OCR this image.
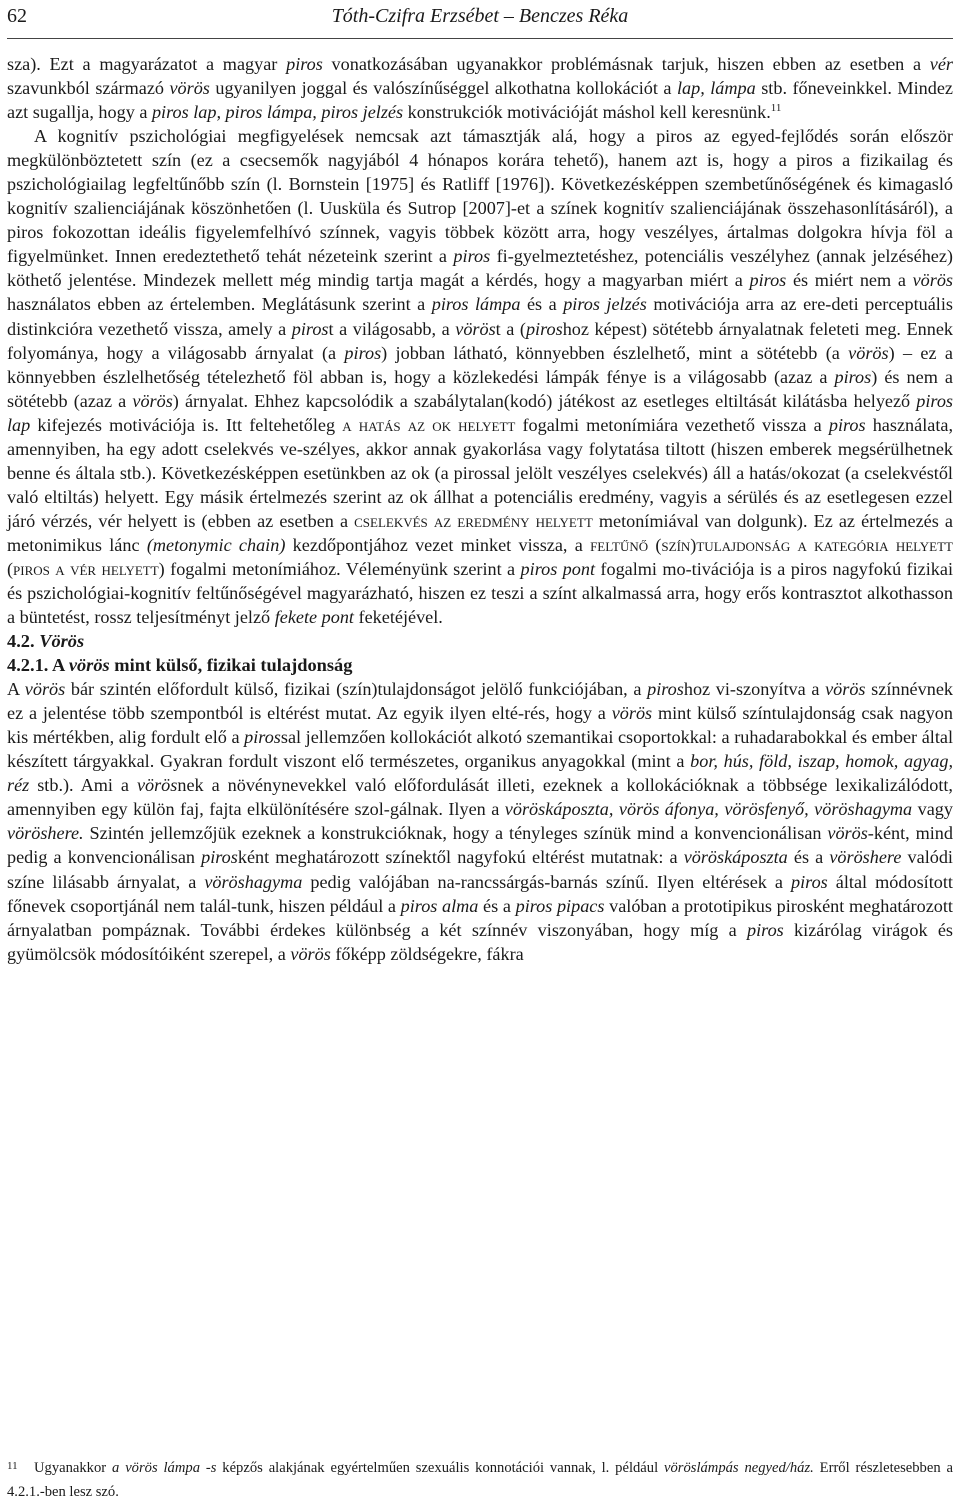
62	Tóth-Czifra Erzsébet – Benczes Réka

sza). Ezt a magyarázatot a magyar piros vonatkozásában ugyanakkor problémásnak tarjuk, hiszen ebben az esetben a vér szavunkból származó vörös ugyanilyen joggal és valószínűséggel alkothatna kollokációt a lap, lámpa stb. főneveinkkel. Mindez azt sugallja, hogy a piros lap, piros lámpa, piros jelzés konstrukciók motivációját máshol kell keresnünk.$^{11}$

A kognitív pszichológiai megfigyelések nemcsak azt támasztják alá, hogy a piros az egyed-fejlődés során először megkülönböztetett szín (ez a csecsemők nagyjából 4 hónapos korára tehető), hanem azt is, hogy a piros a fizikailag és pszichológiailag legfeltűnőbb szín (l. Bornstein [1975] és Ratliff [1976]). Következésképpen szembetűnőségének és kimagasló kognitív szalienciájának köszönhetően (l. Uusküla és Sutrop [2007]-et a színek kognitív szalienciájának összehasonlításáról), a piros fokozottan ideális figyelemfelhívó színnek, vagyis többek között arra, hogy veszélyes, ártalmas dolgokra hívja föl a figyelmünket. Innen eredeztethető tehát nézeteink szerint a piros fi-gyelmeztetéshez, potenciális veszélyhez (annak jelzéséhez) köthető jelentése. Mindezek mellett még mindig tartja magát a kérdés, hogy a magyarban miért a piros és miért nem a vörös használatos ebben az értelemben. Meglátásunk szerint a piros lámpa és a piros jelzés motivációja arra az ere-deti perceptuális distinkcióra vezethető vissza, amely a pirost a világosabb, a vöröst a (piroshoz képest) sötétebb árnyalatnak feleteti meg. Ennek folyománya, hogy a világosabb árnyalat (a piros) jobban látható, könnyebben észlelhető, mint a sötétebb (a vörös) – ez a könnyebben észlelhetőség tételezhető föl abban is, hogy a közlekedési lámpák fénye is a világosabb (azaz a piros) és nem a sötétebb (azaz a vörös) árnyalat. Ehhez kapcsolódik a szabálytalan(kodó) játékost az esetleges eltiltását kilátásba helyező piros lap kifejezés motivációja is. Itt feltehetőleg a hatás az ok helyett fogalmi metonímiára vezethető vissza a piros használata, amennyiben, ha egy adott cselekvés ve-szélyes, akkor annak gyakorlása vagy folytatása tiltott (hiszen emberek megsérülhetnek benne és általa stb.). Következésképpen esetünkben az ok (a pirossal jelölt veszélyes cselekvés) áll a hatás/okozat (a cselekvéstől való eltiltás) helyett. Egy másik értelmezés szerint az ok állhat a potenciális eredmény, vagyis a sérülés és az esetlegesen ezzel járó vérzés, vér helyett is (ebben az esetben a cselekvés az eredmény helyett metonímiával van dolgunk). Ez az értelmezés a metonimikus lánc (metonymic chain) kezdőpontjához vezet minket vissza, a feltűnő (szín)tulajdonság a kategória helyett (piros a vér helyett) fogalmi metonímiához. Véleményünk szerint a piros pont fogalmi mo-tivációja is a piros nagyfokú fizikai és pszichológiai-kognitív feltűnőségével magyarázható, hiszen ez teszi a színt alkalmassá arra, hogy erős kontrasztot alkothasson a büntetést, rossz teljesítményt jelző fekete pont feketéjével.

4.2. Vörös

4.2.1. A vörös mint külső, fizikai tulajdonság

A vörös bár szintén előfordult külső, fizikai (szín)tulajdonságot jelölő funkciójában, a piroshoz vi-szonyítva a vörös színnévnek ez a jelentése több szempontból is eltérést mutat. Az egyik ilyen elté-rés, hogy a vörös mint külső színtulajdonság csak nagyon kis mértékben, alig fordult elő a pirossal jellemzően kollokációt alkotó szemantikai csoportokkal: a ruhadarabokkal és ember által készített tárgyakkal. Gyakran fordult viszont elő természetes, organikus anyagokkal (mint a bor, hús, föld, iszap, homok, agyag, réz stb.). Ami a vörösnek a növénynevekkel való előfordulását illeti, ezeknek a kollokációknak a többsége lexikalizálódott, amennyiben egy külön faj, fajta elkülönítésére szol-gálnak. Ilyen a vöröskáposzta, vörös áfonya, vörösfenyő, vöröshagyma vagy vöröshere. Szintén jellemzőjük ezeknek a konstrukcióknak, hogy a tényleges színük mind a konvencionálisan vörös-ként, mind pedig a konvencionálisan pirosként meghatározott színektől nagyfokú eltérést mutatnak: a vöröskáposzta és a vöröshere valódi színe lilásabb árnyalat, a vöröshagyma pedig valójában na-rancssárgás-barnás színű. Ilyen eltérések a piros által módosított főnevek csoportjánál nem talál-tunk, hiszen például a piros alma és a piros pipacs valóban a prototipikus pirosként meghatározott árnyalatban pompáznak. További érdekes különbség a két színnév viszonyában, hogy míg a piros kizárólag virágok és gyümölcsök módosítóiként szerepel, a vörös főképp zöldségekre, fákra

11 Ugyanakkor a vörös lámpa -s képzős alakjának egyértelműen szexuális konnotációi vannak, l. például vöröslámpás negyed/ház. Erről részletesebben a 4.2.1.-ben lesz szó.
